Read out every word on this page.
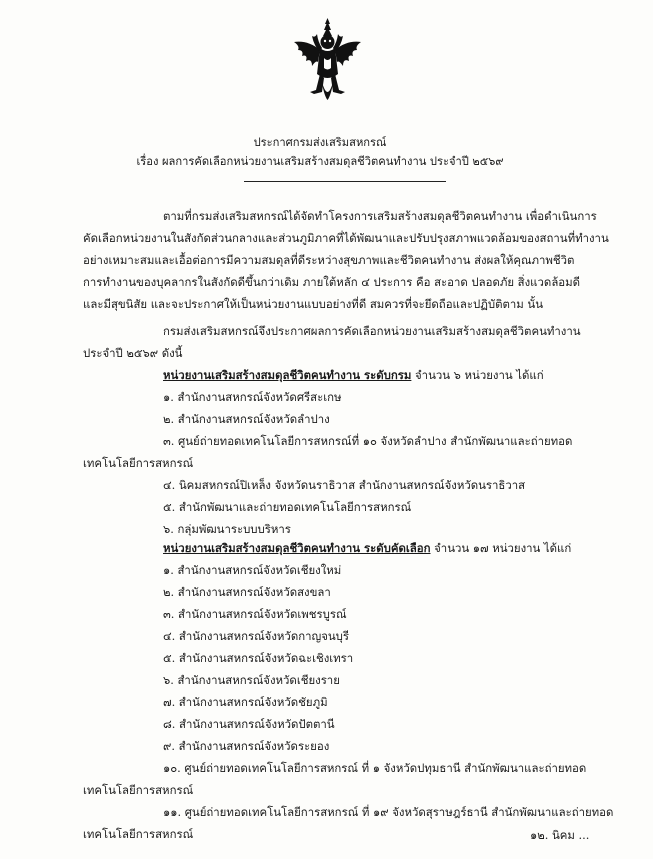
ประกาศกรมส่งเสริมสหกรณ์
เรื่อง ผลการคัดเลือกหน่วยงานเสริมสร้างสมดุลชีวิตคนทำงาน ประจำปี ๒๕๖๙
ตามที่กรมส่งเสริมสหกรณ์ได้จัดทำโครงการเสริมสร้างสมดุลชีวิตคนทำงาน เพื่อดำเนินการ
คัดเลือกหน่วยงานในสังกัดส่วนกลางและส่วนภูมิภาคที่ได้พัฒนาและปรับปรุงสภาพแวดล้อมของสถานที่ทำงาน
อย่างเหมาะสมและเอื้อต่อการมีความสมดุลที่ดีระหว่างสุขภาพและชีวิตคนทำงาน ส่งผลให้คุณภาพชีวิต
การทำงานของบุคลากรในสังกัดดีขึ้นกว่าเดิม ภายใต้หลัก ๔ ประการ คือ สะอาด ปลอดภัย สิ่งแวดล้อมดี
และมีสุขนิสัย และจะประกาศให้เป็นหน่วยงานแบบอย่างที่ดี สมควรที่จะยึดถือและปฏิบัติตาม นั้น
กรมส่งเสริมสหกรณ์จึงประกาศผลการคัดเลือกหน่วยงานเสริมสร้างสมดุลชีวิตคนทำงาน
ประจำปี ๒๕๖๙ ดังนี้
หน่วยงานเสริมสร้างสมดุลชีวิตคนทำงาน ระดับกรม จำนวน ๖ หน่วยงาน ได้แก่
๑. สำนักงานสหกรณ์จังหวัดศรีสะเกษ
๒. สำนักงานสหกรณ์จังหวัดลำปาง
๓. ศูนย์ถ่ายทอดเทคโนโลยีการสหกรณ์ที่ ๑๐ จังหวัดลำปาง สำนักพัฒนาและถ่ายทอด
เทคโนโลยีการสหกรณ์
๔. นิคมสหกรณ์ปิเหล็ง จังหวัดนราธิวาส สำนักงานสหกรณ์จังหวัดนราธิวาส
๕. สำนักพัฒนาและถ่ายทอดเทคโนโลยีการสหกรณ์
๖. กลุ่มพัฒนาระบบบริหาร
หน่วยงานเสริมสร้างสมดุลชีวิตคนทำงาน ระดับคัดเลือก จำนวน ๑๗ หน่วยงาน ได้แก่
๑. สำนักงานสหกรณ์จังหวัดเชียงใหม่
๒. สำนักงานสหกรณ์จังหวัดสงขลา
๓. สำนักงานสหกรณ์จังหวัดเพชรบูรณ์
๔. สำนักงานสหกรณ์จังหวัดกาญจนบุรี
๕. สำนักงานสหกรณ์จังหวัดฉะเชิงเทรา
๖. สำนักงานสหกรณ์จังหวัดเชียงราย
๗. สำนักงานสหกรณ์จังหวัดชัยภูมิ
๘. สำนักงานสหกรณ์จังหวัดปัตตานี
๙. สำนักงานสหกรณ์จังหวัดระยอง
๑๐. ศูนย์ถ่ายทอดเทคโนโลยีการสหกรณ์ ที่ ๑ จังหวัดปทุมธานี สำนักพัฒนาและถ่ายทอด
เทคโนโลยีการสหกรณ์
๑๑. ศูนย์ถ่ายทอดเทคโนโลยีการสหกรณ์ ที่ ๑๙ จังหวัดสุราษฎร์ธานี สำนักพัฒนาและถ่ายทอด
เทคโนโลยีการสหกรณ์	๑๒. นิคม ...
